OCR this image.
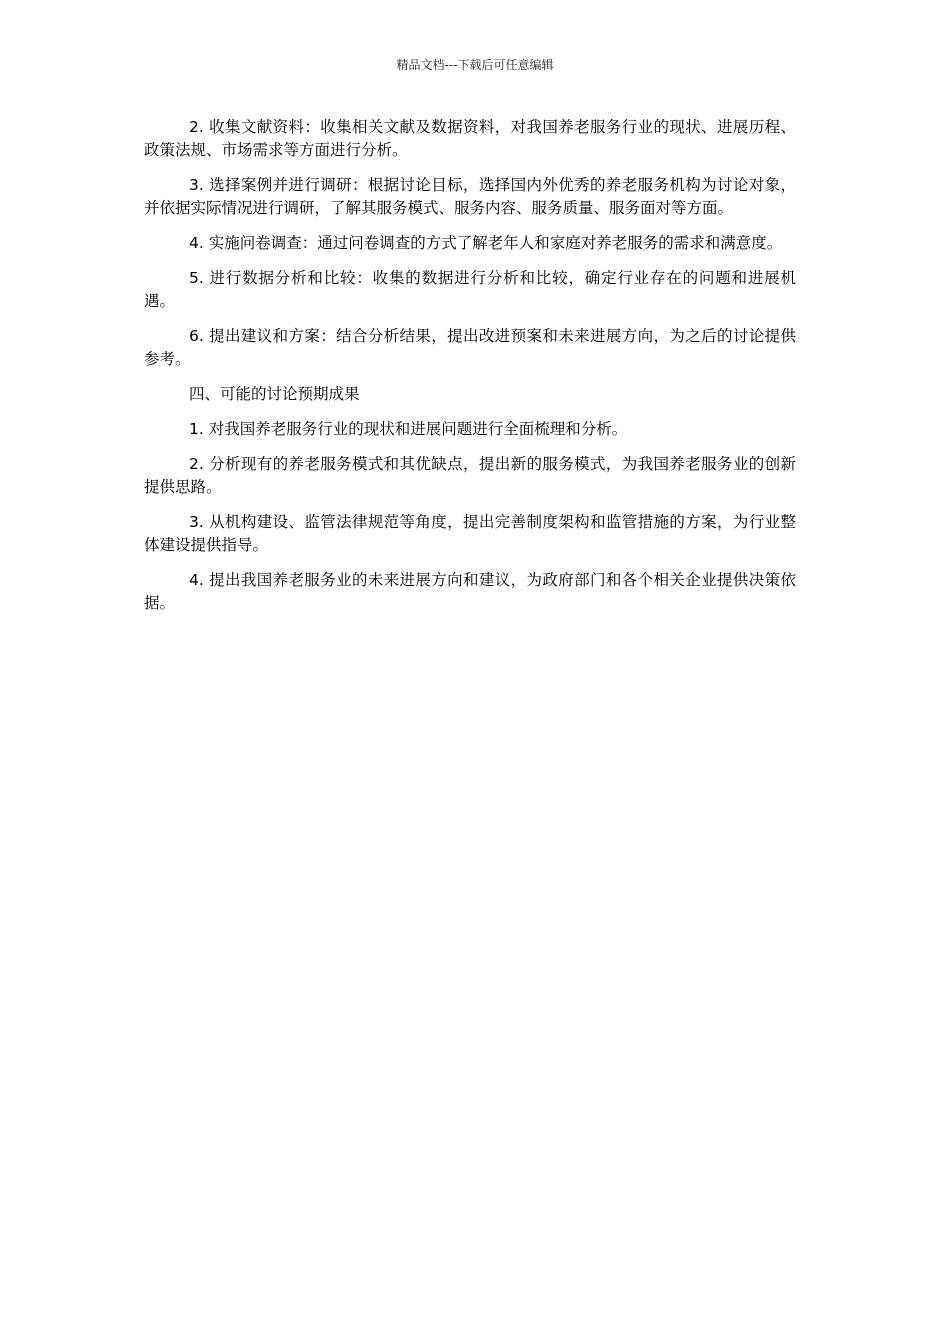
精品文档---下载后可任意编辑

2. 收集文献资料：收集相关文献及数据资料，对我国养老服务行业的现状、进展历程、政策法规、市场需求等方面进行分析。

3. 选择案例并进行调研：根据讨论目标，选择国内外优秀的养老服务机构为讨论对象，并依据实际情况进行调研，了解其服务模式、服务内容、服务质量、服务面对等方面。

4. 实施问卷调查：通过问卷调查的方式了解老年人和家庭对养老服务的需求和满意度。

5. 进行数据分析和比较：收集的数据进行分析和比较，确定行业存在的问题和进展机遇。

6. 提出建议和方案：结合分析结果，提出改进预案和未来进展方向，为之后的讨论提供参考。

四、可能的讨论预期成果

1. 对我国养老服务行业的现状和进展问题进行全面梳理和分析。

2. 分析现有的养老服务模式和其优缺点，提出新的服务模式，为我国养老服务业的创新提供思路。

3. 从机构建设、监管法律规范等角度，提出完善制度架构和监管措施的方案，为行业整体建设提供指导。

4. 提出我国养老服务业的未来进展方向和建议，为政府部门和各个相关企业提供决策依据。
